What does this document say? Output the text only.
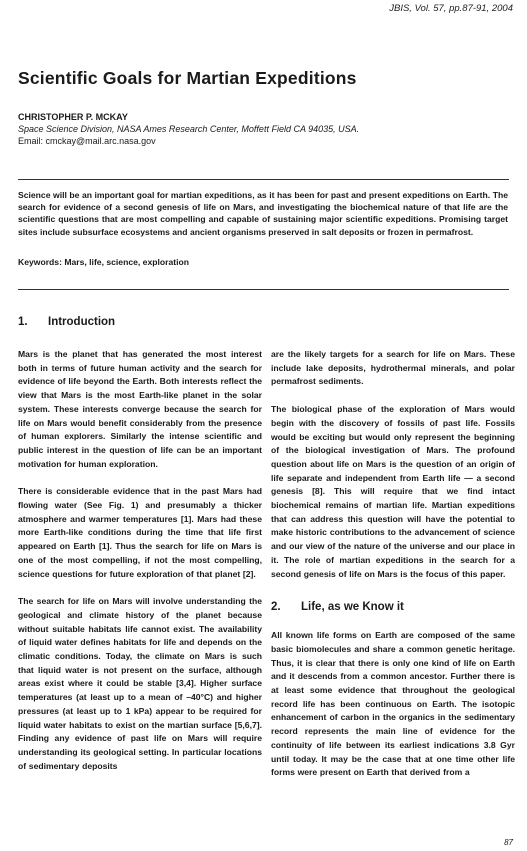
JBIS, Vol. 57, pp.87-91, 2004
Scientific Goals for Martian Expeditions
CHRISTOPHER P. MCKAY
Space Science Division, NASA Ames Research Center, Moffett Field CA 94035, USA.
Email: cmckay@mail.arc.nasa.gov

Science will be an important goal for martian expeditions, as it has been for past and present expeditions on Earth. The search for evidence of a second genesis of life on Mars, and investigating the biochemical nature of that life are the scientific questions that are most compelling and capable of sustaining major scientific expeditions. Promising target sites include subsurface ecosystems and ancient organisms preserved in salt deposits or frozen in permafrost.

Keywords: Mars, life, science, exploration
1. Introduction

Mars is the planet that has generated the most interest both in terms of future human activity and the search for evidence of life beyond the Earth. Both interests reflect the view that Mars is the most Earth-like planet in the solar system. These interests converge because the search for life on Mars would benefit considerably from the presence of human explorers. Similarly the intense scientific and public interest in the question of life can be an important motivation for human exploration.

There is considerable evidence that in the past Mars had flowing water (See Fig. 1) and presumably a thicker atmosphere and warmer temperatures [1]. Mars had these more Earth-like conditions during the time that life first appeared on Earth [1]. Thus the search for life on Mars is one of the most compelling, if not the most compelling, science questions for future exploration of that planet [2].

The search for life on Mars will involve understanding the geological and climate history of the planet because without suitable habitats life cannot exist. The availability of liquid water defines habitats for life and depends on the climatic conditions. Today, the climate on Mars is such that liquid water is not present on the surface, although areas exist where it could be stable [3,4]. Higher surface temperatures (at least up to a mean of –40°C) and higher pressures (at least up to 1 kPa) appear to be required for liquid water habitats to exist on the martian surface [5,6,7]. Finding any evidence of past life on Mars will require understanding its geological setting. In particular locations of sedimentary deposits

are the likely targets for a search for life on Mars. These include lake deposits, hydrothermal minerals, and polar permafrost sediments.

The biological phase of the exploration of Mars would begin with the discovery of fossils of past life. Fossils would be exciting but would only represent the beginning of the biological investigation of Mars. The profound question about life on Mars is the question of an origin of life separate and independent from Earth life — a second genesis [8]. This will require that we find intact biochemical remains of martian life. Martian expeditions that can address this question will have the potential to make historic contributions to the advancement of science and our view of the nature of the universe and our place in it. The role of martian expeditions in the search for a second genesis of life on Mars is the focus of this paper.

2. Life, as we Know it

All known life forms on Earth are composed of the same basic biomolecules and share a common genetic heritage. Thus, it is clear that there is only one kind of life on Earth and it descends from a common ancestor. Further there is at least some evidence that throughout the geological record life has been continuous on Earth. The isotopic enhancement of carbon in the organics in the sedimentary record represents the main line of evidence for the continuity of life between its earliest indications 3.8 Gyr until today. It may be the case that at one time other life forms were present on Earth that derived from a

87
